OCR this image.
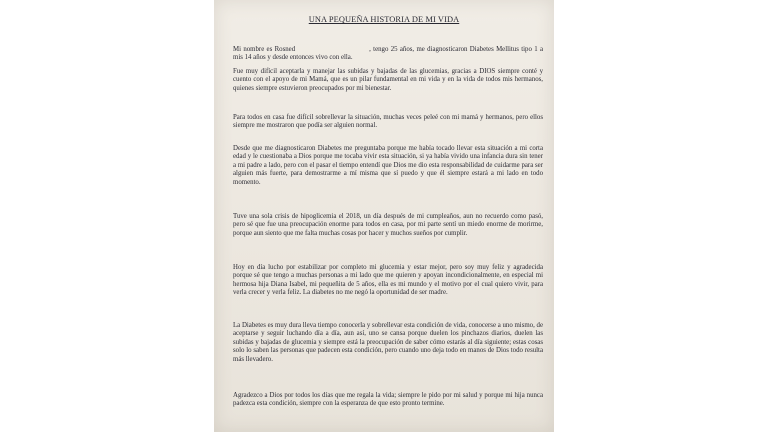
UNA PEQUEÑA HISTORIA DE MI VIDA

Mi nombre es Rosned	, tengo 25 años, me diagnosticaron Diabetes Mellitus tipo 1 a mis 14 años y desde entonces vivo con ella.

Fue muy difícil aceptarla y manejar las subidas y bajadas de las glucemias, gracias a DIOS siempre conté y cuento con el apoyo de mi Mamá, que es un pilar fundamental en mi vida y en la vida de todos mis hermanos, quienes siempre estuvieron preocupados por mi bienestar.

Para todos en casa fue difícil sobrellevar la situación, muchas veces peleé con mi mamá y hermanos, pero ellos siempre me mostraron que podía ser alguien normal.

Desde que me diagnosticaron Diabetes me preguntaba porque me había tocado llevar esta situación a mi corta edad y le cuestionaba a Dios porque me tocaba vivir esta situación, si ya había vivido una infancia dura sin tener a mi padre a lado, pero con el pasar el tiempo entendí que Dios me dio esta responsabilidad de cuidarme para ser alguien más fuerte, para demostrarme a mí misma que sí puedo y que él siempre estará a mi lado en todo momento.

Tuve una sola crisis de hipoglicemia el 2018, un día después de mi cumpleaños, aun no recuerdo como pasó, pero sé que fue una preocupación enorme para todos en casa, por mi parte sentí un miedo enorme de morirme, porque aun siento que me falta muchas cosas por hacer y muchos sueños por cumplir.

Hoy en día lucho por estabilizar por completo mi glucemia y estar mejor, pero soy muy feliz y agradecida porque sé que tengo a muchas personas a mi lado que me quieren y apoyan incondicionalmente, en especial mi hermosa hija Diana Isabel, mi pequeñita de 5 años, ella es mi mundo y el motivo por el cual quiero vivir, para verla crecer y verla feliz. La diabetes no me negó la oportunidad de ser madre.

La Diabetes es muy dura lleva tiempo conocerla y sobrellevar esta condición de vida, conocerse a uno mismo, de aceptarse y seguir luchando día a día, aun así, uno se cansa porque duelen los pinchazos diarios, duelen las subidas y bajadas de glucemia y siempre está la preocupación de saber cómo estarás al día siguiente; estas cosas solo lo saben las personas que padecen esta condición, pero cuando uno deja todo en manos de Dios todo resulta más llevadero.

Agradezco a Dios por todos los días que me regala la vida; siempre le pido por mi salud y porque mi hija nunca padezca esta condición, siempre con la esperanza de que esto pronto termine.
